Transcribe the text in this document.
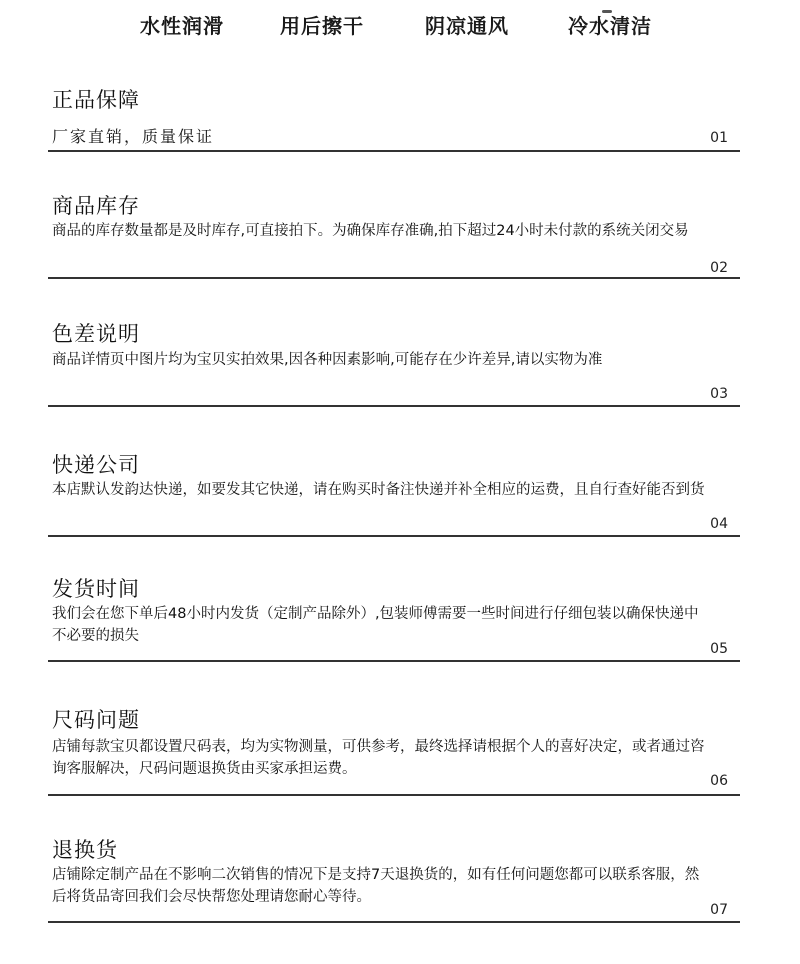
水性润滑	用后擦干	阴凉通风	冷水清洁
正品保障
厂家直销，质量保证	01
商品库存
商品的库存数量都是及时库存,可直接拍下。为确保库存准确,拍下超过24小时未付款的系统关闭交易
02
色差说明
商品详情页中图片均为宝贝实拍效果,因各种因素影响,可能存在少许差异,请以实物为准
03
快递公司
本店默认发韵达快递，如要发其它快递，请在购买时备注快递并补全相应的运费，且自行查好能否到货
04
发货时间
我们会在您下单后48小时内发货（定制产品除外）,包装师傅需要一些时间进行仔细包装以确保快递中不必要的损失
05
尺码问题
店铺每款宝贝都设置尺码表，均为实物测量，可供参考，最终选择请根据个人的喜好决定，或者通过咨询客服解决，尺码问题退换货由买家承担运费。
06
退换货
店铺除定制产品在不影响二次销售的情况下是支持7天退换货的，如有任何问题您都可以联系客服，然后将货品寄回我们会尽快帮您处理请您耐心等待。
07
